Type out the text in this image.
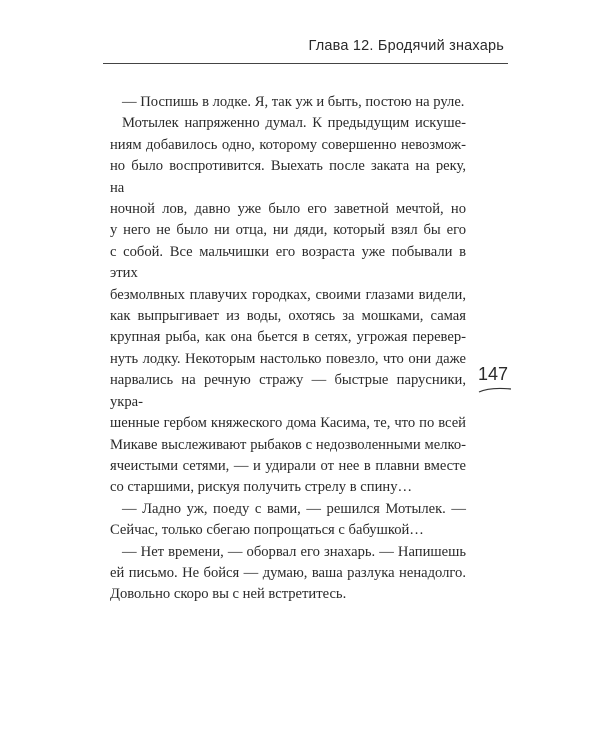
Глава 12. Бродячий знахарь

— Поспишь в лодке. Я, так уж и быть, постою на руле.

Мотылек напряженно думал. К предыдущим искуше-

ниям добавилось одно, которому совершенно невозмож-

но было воспротивится. Выехать после заката на реку, на

ночной лов, давно уже было его заветной мечтой, но

у него не было ни отца, ни дяди, который взял бы его

с собой. Все мальчишки его возраста уже побывали в этих

безмолвных плавучих городках, своими глазами видели,

как выпрыгивает из воды, охотясь за мошками, самая

крупная рыба, как она бьется в сетях, угрожая перевер-

нуть лодку. Некоторым настолько повезло, что они даже

нарвались на речную стражу — быстрые парусники, укра-

шенные гербом княжеского дома Касима, те, что по всей

Микаве выслеживают рыбаков с недозволенными мелко-

ячеистыми сетями, — и удирали от нее в плавни вместе

со старшими, рискуя получить стрелу в спину…

— Ладно уж, поеду с вами, — решился Мотылек. —

Сейчас, только сбегаю попрощаться с бабушкой…

— Нет времени, — оборвал его знахарь. — Напишешь

ей письмо. Не бойся — думаю, ваша разлука ненадолго.

Довольно скоро вы с ней встретитесь.

147
